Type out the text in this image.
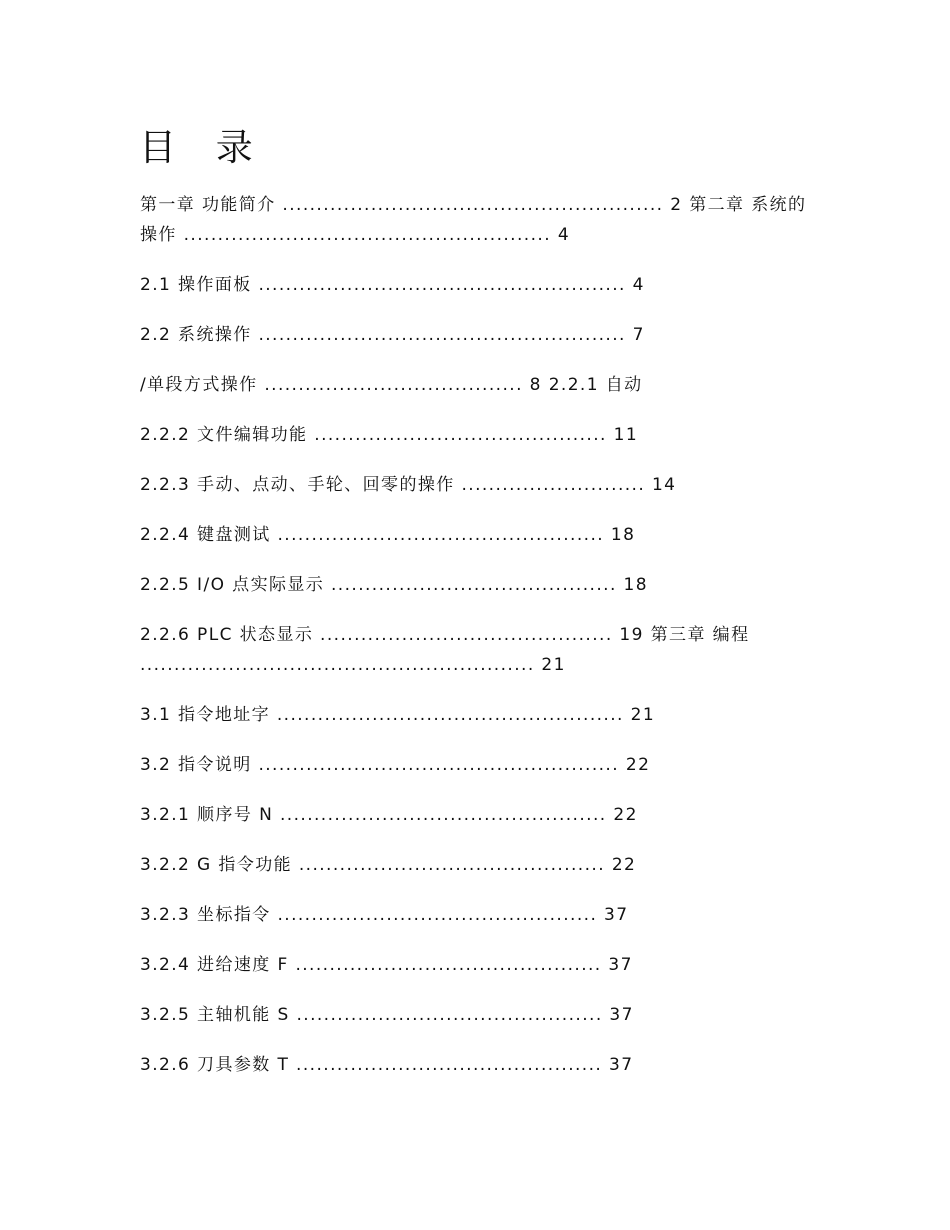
目 录
第一章 功能简介 ........................................................ 2 第二章 系统的操作 ...................................................... 4
2.1 操作面板 ...................................................... 4
2.2 系统操作 ...................................................... 7
/单段方式操作 ...................................... 8 2.2.1 自动
2.2.2 文件编辑功能 ........................................... 11
2.2.3 手动、点动、手轮、回零的操作 ........................... 14
2.2.4 键盘测试 ................................................ 18
2.2.5 I/O 点实际显示 .......................................... 18
2.2.6 PLC 状态显示 ........................................... 19 第三章 编程 .......................................................... 21
3.1 指令地址字 ................................................... 21
3.2 指令说明 ..................................................... 22
3.2.1 顺序号 N ................................................ 22
3.2.2 G 指令功能 ............................................. 22
3.2.3 坐标指令 ............................................... 37
3.2.4 进给速度 F ............................................. 37
3.2.5 主轴机能 S ............................................. 37
3.2.6 刀具参数 T ............................................. 37
